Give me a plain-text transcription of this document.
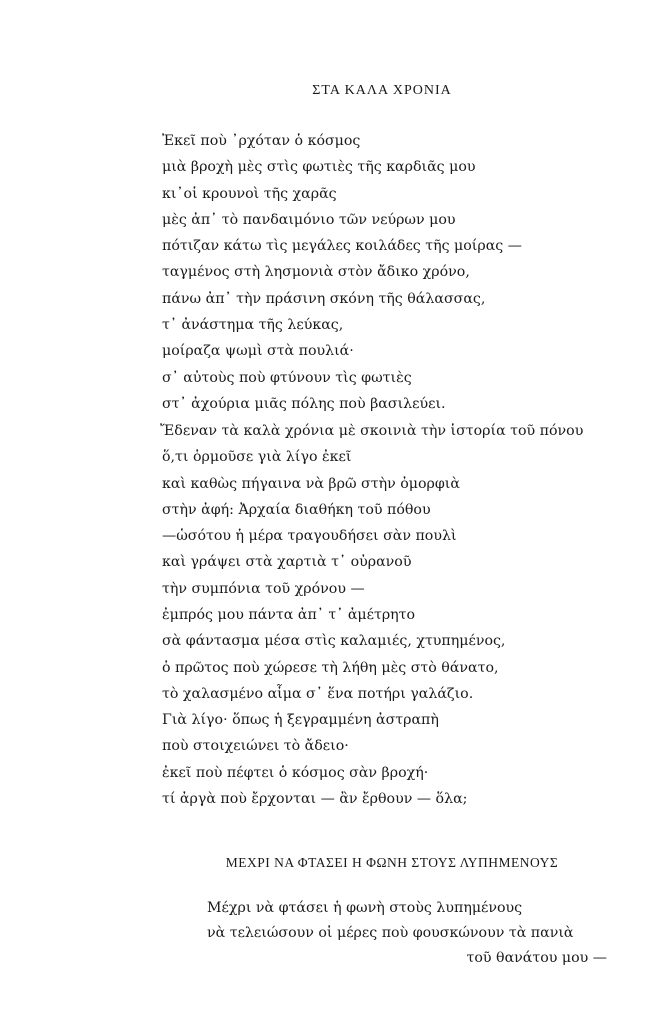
ΣΤΑ ΚΑΛΑ ΧΡΟΝΙΑ
Ἐκεῖ ποὺ ᾽ρχόταν ὁ κόσμος
μιὰ βροχὴ μὲς στὶς φωτιὲς τῆς καρδιᾶς μου
κι᾽οἱ κρουνοὶ τῆς χαρᾶς
μὲς ἀπ᾽ τὸ πανδαιμόνιο τῶν νεύρων μου
πότιζαν κάτω τὶς μεγάλες κοιλάδες τῆς μοίρας —
ταγμένος στὴ λησμονιὰ στὸν ἄδικο χρόνο,
πάνω ἀπ᾽ τὴν πράσινη σκόνη τῆς θάλασσας,
τ᾽ ἀνάστημα τῆς λεύκας,
μοίραζα ψωμὶ στὰ πουλιά·
σ᾽ αὐτοὺς ποὺ φτύνουν τὶς φωτιὲς
στ᾽ ἀχούρια μιᾶς πόλης ποὺ βασιλεύει.
Ἔδεναν τὰ καλὰ χρόνια μὲ σκοινιὰ τὴν ἱστορία τοῦ πόνου
ὅ,τι ὁρμοῦσε γιὰ λίγο ἐκεῖ
καὶ καθὼς πήγαινα νὰ βρῶ στὴν ὀμορφιὰ
στὴν ἀφή: Ἀρχαία διαθήκη τοῦ πόθου
—ὡσότου ἡ μέρα τραγουδήσει σὰν πουλὶ
καὶ γράψει στὰ χαρτιὰ τ᾽ οὐρανοῦ
τὴν συμπόνια τοῦ χρόνου —
ἐμπρός μου πάντα ἀπ᾽ τ᾽ ἀμέτρητο
σὰ φάντασμα μέσα στὶς καλαμιές, χτυπημένος,
ὁ πρῶτος ποὺ χώρεσε τὴ λήθη μὲς στὸ θάνατο,
τὸ χαλασμένο αἷμα σ᾽ ἕνα ποτήρι γαλάζιο.
Γιὰ λίγο· ὅπως ἡ ξεγραμμένη ἀστραπὴ
ποὺ στοιχειώνει τὸ ἄδειο·
ἐκεῖ ποὺ πέφτει ὁ κόσμος σὰν βροχή·
τί ἀργὰ ποὺ ἔρχονται — ἂν ἔρθουν — ὅλα;
ΜΕΧΡΙ ΝΑ ΦΤΑΣΕΙ Η ΦΩΝΗ ΣΤΟΥΣ ΛΥΠΗΜΕΝΟΥΣ
Μέχρι νὰ φτάσει ἡ φωνὴ στοὺς λυπημένους
νὰ τελειώσουν οἱ μέρες ποὺ φουσκώνουν τὰ πανιὰ
τοῦ θανάτου μου —
